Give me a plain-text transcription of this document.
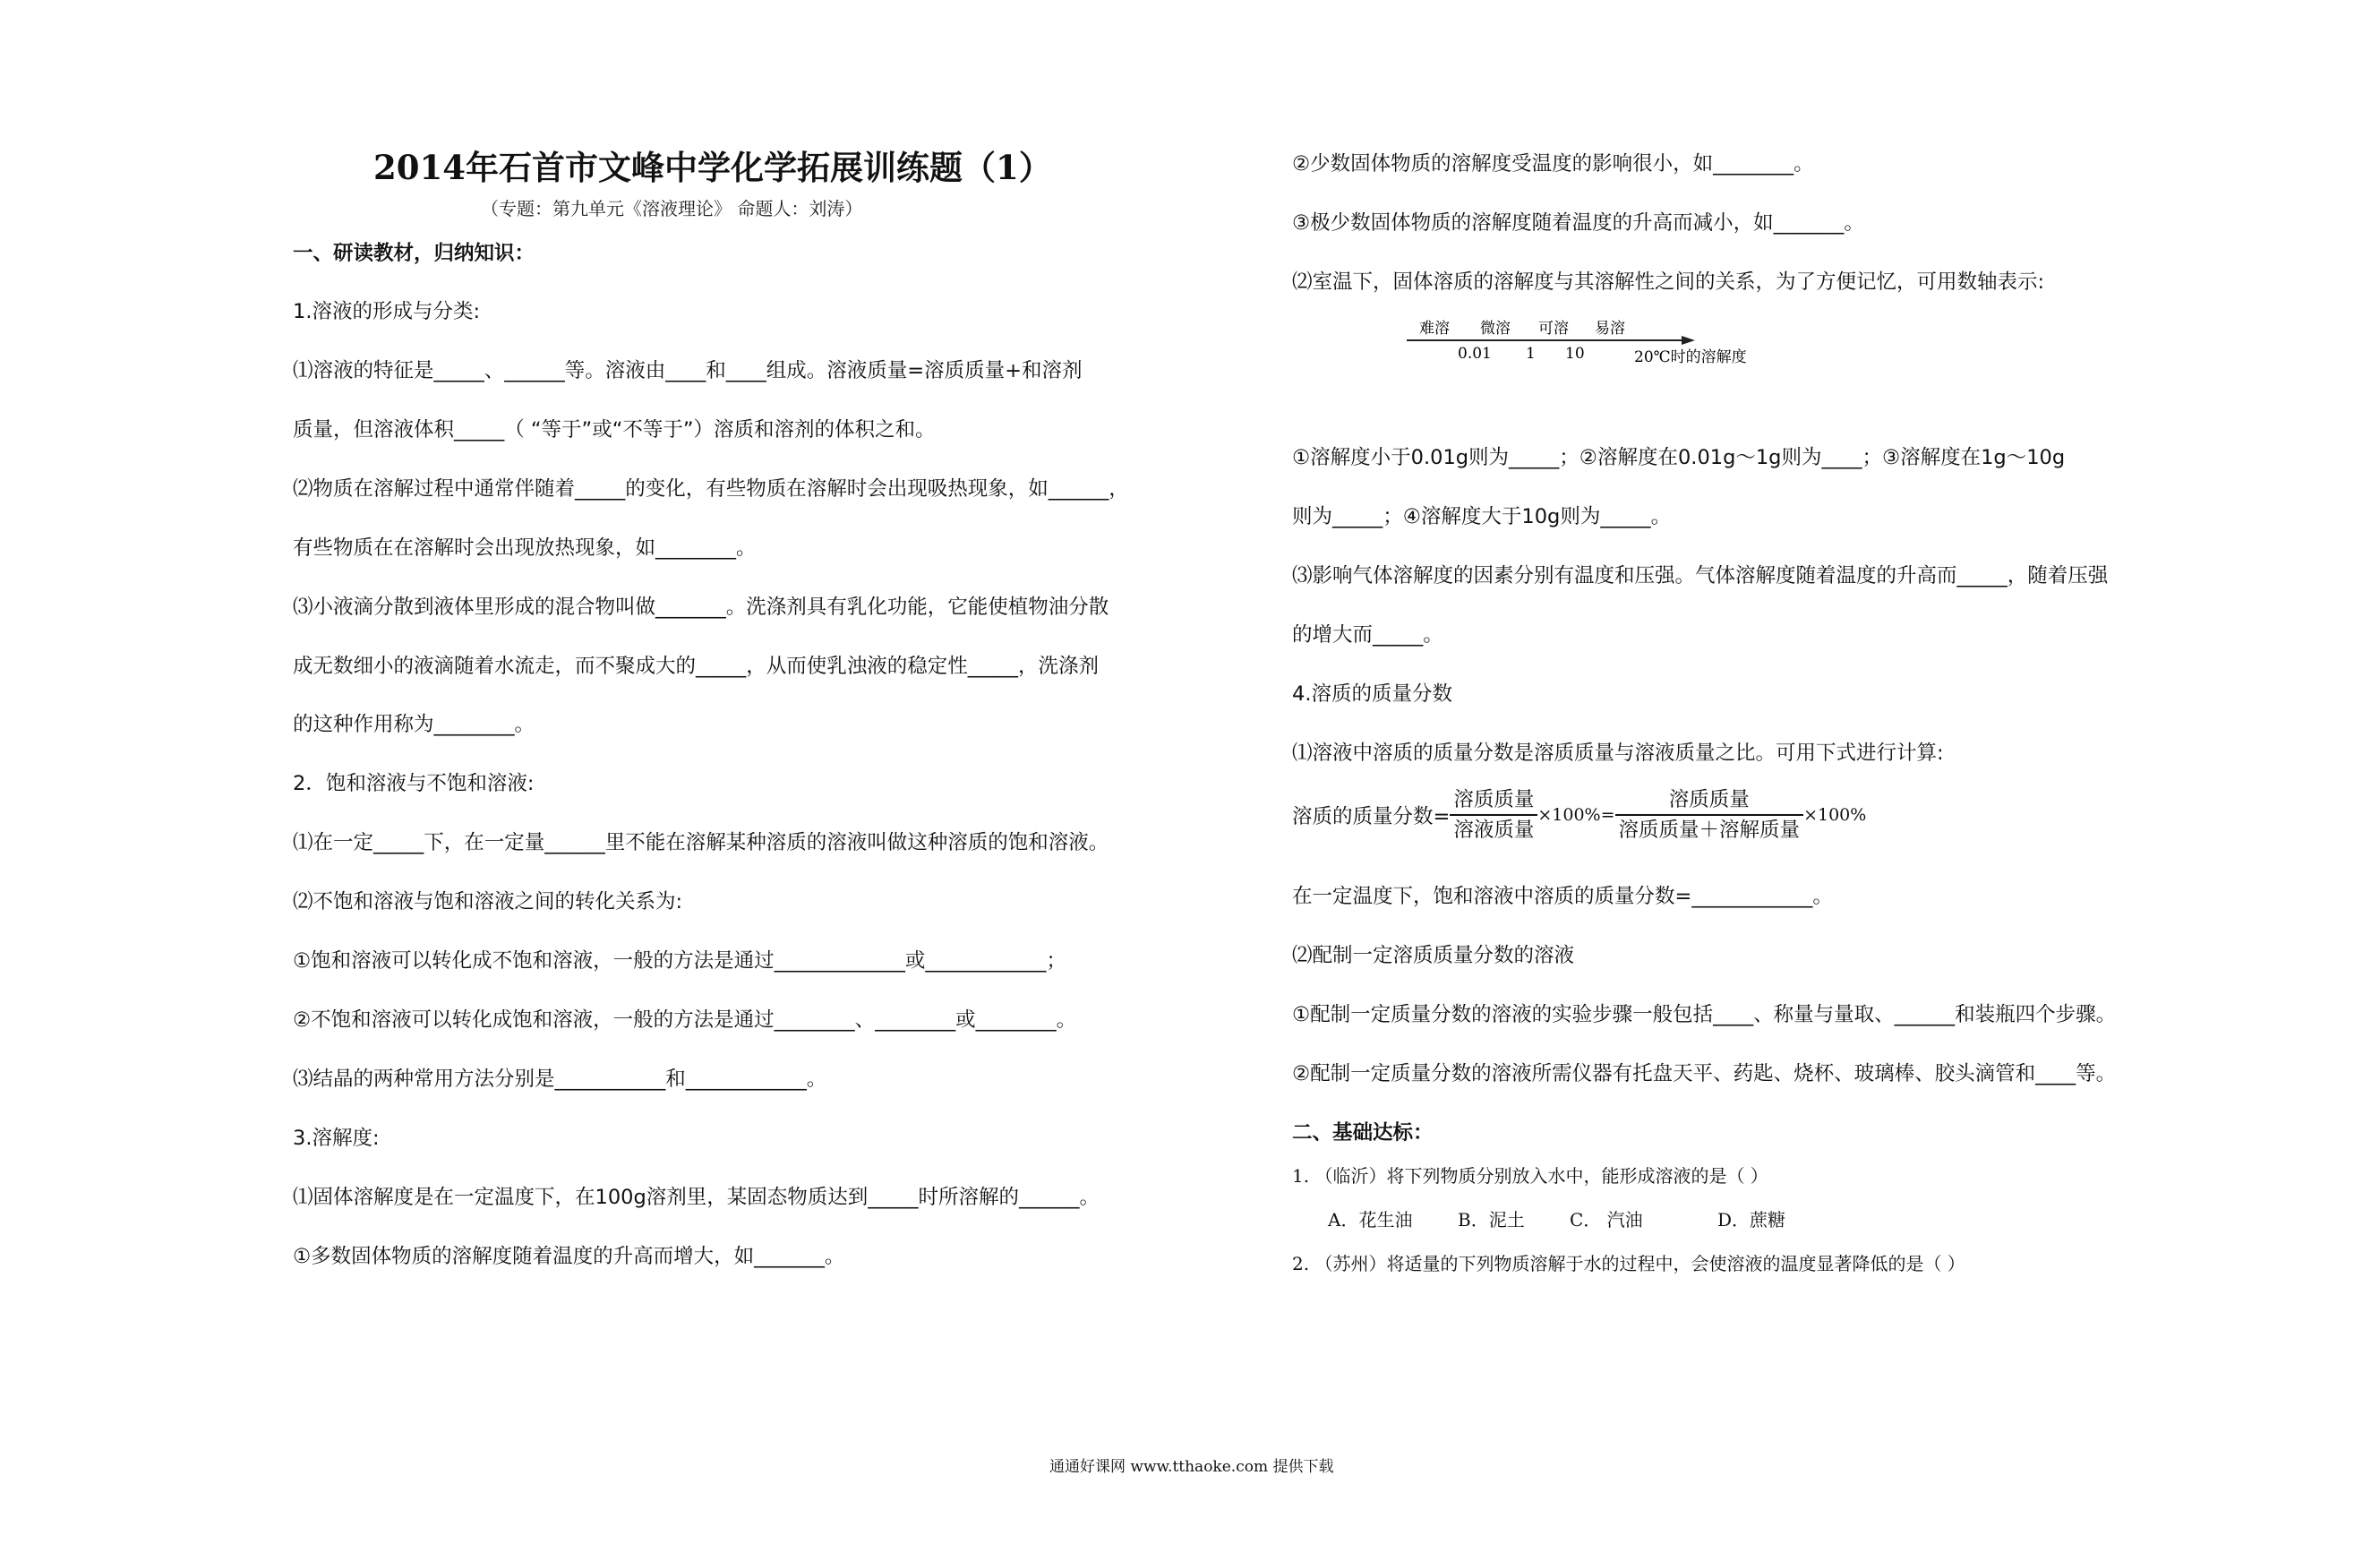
2014年石首市文峰中学化学拓展训练题（1）
（专题：第九单元《溶液理论》 命题人：刘涛）
一、研读教材，归纳知识：
1.溶液的形成与分类:
⑴溶液的特征是_____、______等。溶液由____和____组成。溶液质量=溶质质量+和溶剂
质量，但溶液体积_____（ “等于”或“不等于”）溶质和溶剂的体积之和。
⑵物质在溶解过程中通常伴随着_____的变化，有些物质在溶解时会出现吸热现象，如______，
有些物质在在溶解时会出现放热现象，如________。
⑶小液滴分散到液体里形成的混合物叫做_______。洗涤剂具有乳化功能，它能使植物油分散
成无数细小的液滴随着水流走，而不聚成大的_____，从而使乳浊液的稳定性_____，洗涤剂
的这种作用称为________。
2．饱和溶液与不饱和溶液:
⑴在一定_____下，在一定量______里不能在溶解某种溶质的溶液叫做这种溶质的饱和溶液。
⑵不饱和溶液与饱和溶液之间的转化关系为:
①饱和溶液可以转化成不饱和溶液，一般的方法是通过_____________或____________；
②不饱和溶液可以转化成饱和溶液，一般的方法是通过________、________或________。
⑶结晶的两种常用方法分别是___________和____________。
3.溶解度:
⑴固体溶解度是在一定温度下，在100g溶剂里，某固态物质达到_____时所溶解的______。
①多数固体物质的溶解度随着温度的升高而增大，如_______。
②少数固体物质的溶解度受温度的影响很小，如________。
③极少数固体物质的溶解度随着温度的升高而减小，如_______。
⑵室温下，固体溶质的溶解度与其溶解性之间的关系，为了方便记忆，可用数轴表示:
难溶 微溶 可溶 易溶
0.01 1 10	20℃时的溶解度
①溶解度小于0.01g则为_____；②溶解度在0.01g～1g则为____；③溶解度在1g～10g
则为_____；④溶解度大于10g则为_____。
⑶影响气体溶解度的因素分别有温度和压强。气体溶解度随着温度的升高而_____，随着压强
的增大而_____。
4.溶质的质量分数
⑴溶液中溶质的质量分数是溶质质量与溶液质量之比。可用下式进行计算:
溶质的质量分数= $\frac{\text{溶质质量}}{\text{溶液质量}} \times 100\%= \frac{\text{溶质质量}}{\text{溶质质量＋溶解质量}} \times 100\%$
在一定温度下，饱和溶液中溶质的质量分数=____________。
⑵配制一定溶质质量分数的溶液
①配制一定质量分数的溶液的实验步骤一般包括____、称量与量取、______和装瓶四个步骤。
②配制一定质量分数的溶液所需仪器有托盘天平、药匙、烧杯、玻璃棒、胶头滴管和____等。
二、基础达标：
1. （临沂）将下列物质分别放入水中，能形成溶液的是（ ）
A．花生油	B．泥土	C． 汽油	D．蔗糖
2. （苏州）将适量的下列物质溶解于水的过程中，会使溶液的温度显著降低的是（ ）
通通好课网 www.tthaoke.com 提供下载
